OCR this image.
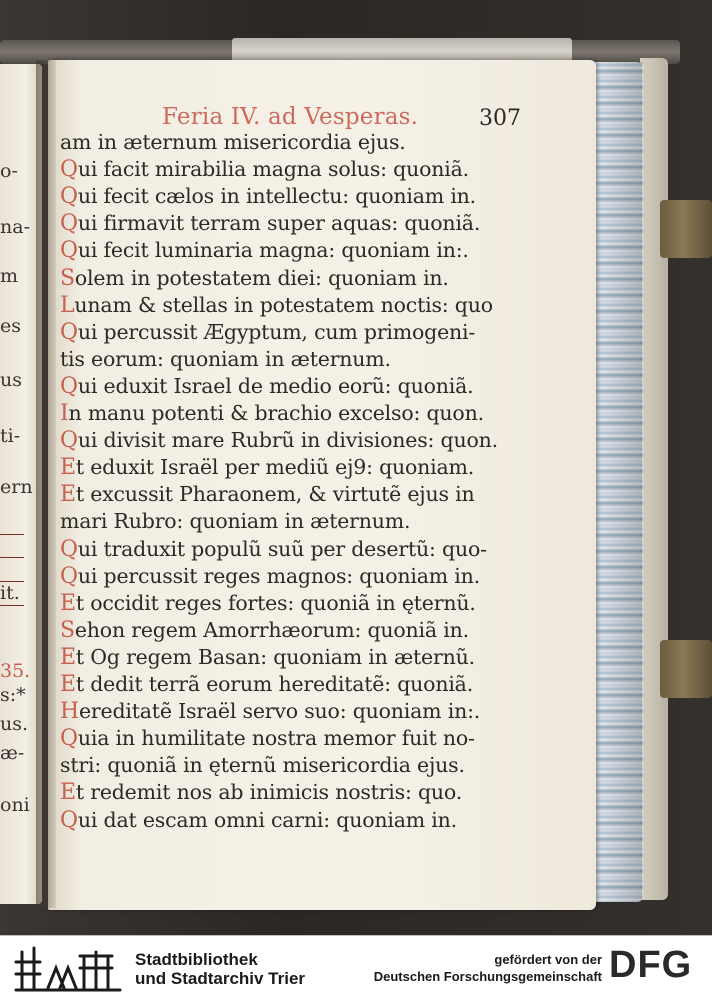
o-
na-
m
es
us
ti-
ern
it.
35.
s:*
us.
æ-
oni
Feria IV. ad Vesperas.	307
am in æternum misericordia ejus.
Qui facit mirabilia magna solus: quoniã.
Qui fecit cælos in intellectu: quoniam in.
Qui firmavit terram super aquas: quoniã.
Qui fecit luminaria magna: quoniam in:.
Solem in potestatem diei: quoniam in.
Lunam & stellas in potestatem noctis: quo
Qui percussit Ægyptum, cum primogeni-
tis eorum: quoniam in æternum.
Qui eduxit Israel de medio eorũ: quoniã.
In manu potenti & brachio excelso: quon.
Qui divisit mare Rubrũ in divisiones: quon.
Et eduxit Israël per mediũ ej9: quoniam.
Et excussit Pharaonem, & virtutẽ ejus in
mari Rubro: quoniam in æternum.
Qui traduxit populũ suũ per desertũ: quo-
Qui percussit reges magnos: quoniam in.
Et occidit reges fortes: quoniã in ęternũ.
Sehon regem Amorrhæorum: quoniã in.
Et Og regem Basan: quoniam in æternũ.
Et dedit terrã eorum hereditatẽ: quoniã.
Hereditatẽ Israël servo suo: quoniam in:.
Quia in humilitate nostra memor fuit no-
stri: quoniã in ęternũ misericordia ejus.
Et redemit nos ab inimicis nostris: quo.
Qui dat escam omni carni: quoniam in.
Stadtbibliothek
und Stadtarchiv Trier
gefördert von der
Deutschen Forschungsgemeinschaft DFG
